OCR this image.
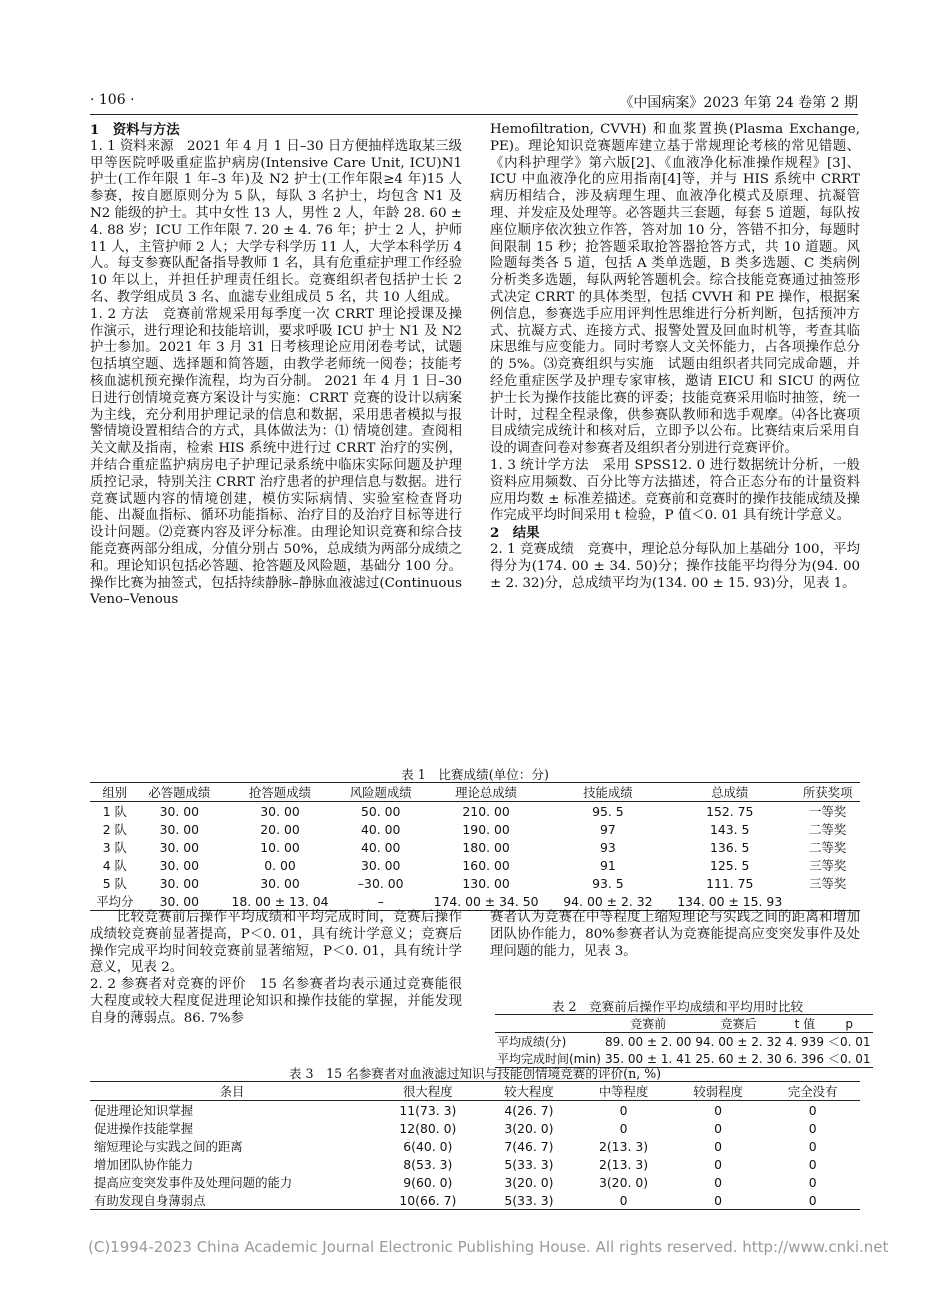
· 106 ·	《中国病案》2023 年第 24 卷第 2 期

1　资料与方法

1. 1 资料来源　2021 年 4 月 1 日–30 日方便抽样选取某三级甲等医院呼吸重症监护病房(Intensive Care Unit, ICU)N1 护士(工作年限 1 年–3 年)及 N2 护士(工作年限≥4 年)15 人参赛，按自愿原则分为 5 队，每队 3 名护士，均包含 N1 及 N2 能级的护士。其中女性 13 人，男性 2 人，年龄 28. 60 ± 4. 88 岁；ICU 工作年限 7. 20 ± 4. 76 年；护士 2 人，护师 11 人，主管护师 2 人；大学专科学历 11 人，大学本科学历 4 人。每支参赛队配备指导教师 1 名，具有危重症护理工作经验 10 年以上，并担任护理责任组长。竞赛组织者包括护士长 2 名、教学组成员 3 名、血滤专业组成员 5 名，共 10 人组成。

1. 2 方法　竞赛前常规采用每季度一次 CRRT 理论授课及操作演示，进行理论和技能培训，要求呼吸 ICU 护士 N1 及 N2 护士参加。2021 年 3 月 31 日考核理论应用闭卷考试，试题包括填空题、选择题和简答题，由教学老师统一阅卷；技能考核血滤机预充操作流程，均为百分制。 2021 年 4 月 1 日–30 日进行创情境竞赛方案设计与实施：CRRT 竞赛的设计以病案为主线，充分利用护理记录的信息和数据，采用患者模拟与报警情境设置相结合的方式，具体做法为：⑴ 情境创建。查阅相关文献及指南，检索 HIS 系统中进行过 CRRT 治疗的实例，并结合重症监护病房电子护理记录系统中临床实际问题及护理质控记录，特别关注 CRRT 治疗患者的护理信息与数据。进行竞赛试题内容的情境创建，模仿实际病情、实验室检查肾功能、出凝血指标、循环功能指标、治疗目的及治疗目标等进行设计问题。⑵竞赛内容及评分标准。由理论知识竞赛和综合技能竞赛两部分组成，分值分别占 50%，总成绩为两部分成绩之和。理论知识包括必答题、抢答题及风险题，基础分 100 分。操作比赛为抽签式，包括持续静脉–静脉血液滤过(Continuous Veno–Venous

Hemofiltration, CVVH) 和血浆置换(Plasma Exchange, PE)。理论知识竞赛题库建立基于常规理论考核的常见错题、《内科护理学》第六版[2]、《血液净化标准操作规程》[3]、ICU 中血液净化的应用指南[4]等，并与 HIS 系统中 CRRT 病历相结合，涉及病理生理、血液净化模式及原理、抗凝管理、并发症及处理等。必答题共三套题，每套 5 道题，每队按座位顺序依次独立作答，答对加 10 分，答错不扣分，每题时间限制 15 秒；抢答题采取抢答器抢答方式，共 10 道题。风险题每类各 5 道，包括 A 类单选题，B 类多选题、C 类病例分析类多选题，每队两轮答题机会。综合技能竞赛通过抽签形式决定 CRRT 的具体类型，包括 CVVH 和 PE 操作，根据案例信息，参赛选手应用评判性思维进行分析判断，包括预冲方式、抗凝方式、连接方式、报警处置及回血时机等，考查其临床思维与应变能力。同时考察人文关怀能力，占各项操作总分的 5%。⑶竞赛组织与实施　试题由组织者共同完成命题，并经危重症医学及护理专家审核，邀请 EICU 和 SICU 的两位护士长为操作技能比赛的评委；技能竞赛采用临时抽签，统一计时，过程全程录像，供参赛队教师和选手观摩。⑷各比赛项目成绩完成统计和核对后，立即予以公布。比赛结束后采用自设的调查问卷对参赛者及组织者分别进行竞赛评价。

1. 3 统计学方法　采用 SPSS12. 0 进行数据统计分析，一般资料应用频数、百分比等方法描述，符合正态分布的计量资料应用均数 ± 标准差描述。竞赛前和竞赛时的操作技能成绩及操作完成平均时间采用 t 检验，P 值＜0. 01 具有统计学意义。

2　结果

2. 1 竞赛成绩　竞赛中，理论总分每队加上基础分 100，平均得分为(174. 00 ± 34. 50)分；操作技能平均得分为(94. 00 ± 2. 32)分，总成绩平均为(134. 00 ± 15. 93)分，见表 1。

表 1　比赛成绩(单位：分)
组别	必答题成绩	抢答题成绩	风险题成绩	理论总成绩	技能成绩	总成绩	所获奖项
1 队	30. 00	30. 00	50. 00	210. 00	95. 5	152. 75	一等奖
2 队	30. 00	20. 00	40. 00	190. 00	97	143. 5	二等奖
3 队	30. 00	10. 00	40. 00	180. 00	93	136. 5	二等奖
4 队	30. 00	0. 00	30. 00	160. 00	91	125. 5	三等奖
5 队	30. 00	30. 00	–30. 00	130. 00	93. 5	111. 75	三等奖
平均分	30. 00	18. 00 ± 13. 04	–	174. 00 ± 34. 50	94. 00 ± 2. 32	134. 00 ± 15. 93	

比较竞赛前后操作平均成绩和平均完成时间，竞赛后操作成绩较竞赛前显著提高，P＜0. 01，具有统计学意义；竞赛后操作完成平均时间较竞赛前显著缩短，P＜0. 01，具有统计学意义，见表 2。

2. 2 参赛者对竞赛的评价　15 名参赛者均表示通过竞赛能很大程度或较大程度促进理论知识和操作技能的掌握，并能发现自身的薄弱点。86. 7%参

赛者认为竞赛在中等程度上缩短理论与实践之间的距离和增加团队协作能力，80%参赛者认为竞赛能提高应变突发事件及处理问题的能力，见表 3。

表 2　竞赛前后操作平均成绩和平均用时比较
	竞赛前	竞赛后	t 值	p
平均成绩(分)	89. 00 ± 2. 00	94. 00 ± 2. 32	4. 939	＜0. 01
平均完成时间(min)	35. 00 ± 1. 41	25. 60 ± 2. 30	6. 396	＜0. 01
表 3　15 名参赛者对血液滤过知识与技能创情境竞赛的评价(n, %)
条目	很大程度	较大程度	中等程度	较弱程度	完全没有
促进理论知识掌握	11(73. 3)	4(26. 7)	0	0	0
促进操作技能掌握	12(80. 0)	3(20. 0)	0	0	0
缩短理论与实践之间的距离	6(40. 0)	7(46. 7)	2(13. 3)	0	0
增加团队协作能力	8(53. 3)	5(33. 3)	2(13. 3)	0	0
提高应变突发事件及处理问题的能力	9(60. 0)	3(20. 0)	3(20. 0)	0	0
有助发现自身薄弱点	10(66. 7)	5(33. 3)	0	0	0
(C)1994-2023 China Academic Journal Electronic Publishing House. All rights reserved. http://www.cnki.net
